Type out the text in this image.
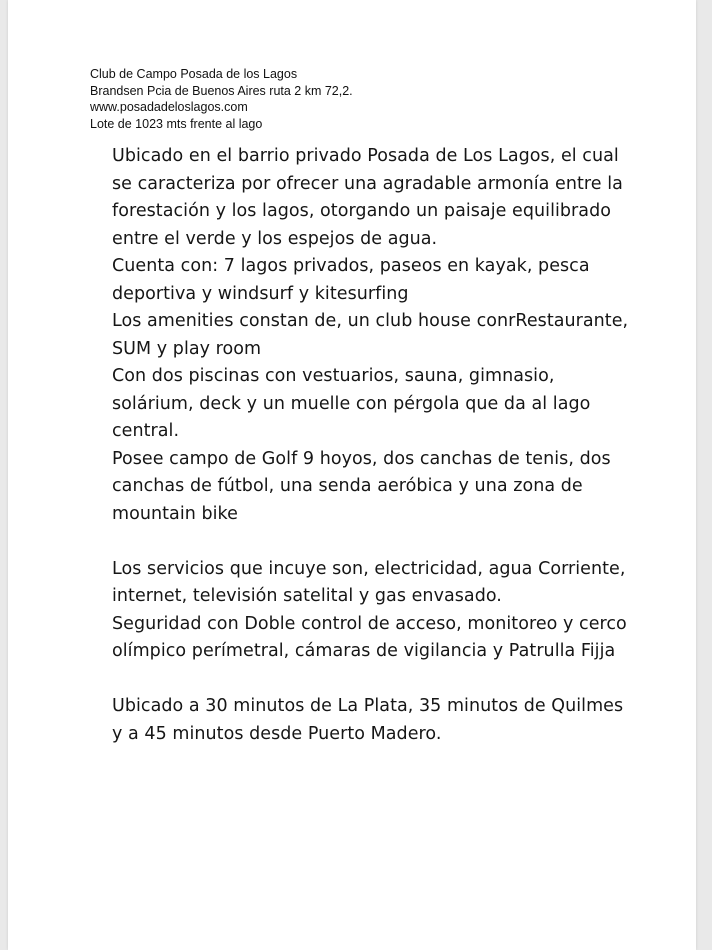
Club de Campo Posada de los Lagos
Brandsen Pcia de Buenos Aires ruta 2 km 72,2.
www.posadadeloslagos.com
Lote de 1023 mts frente al lago

Ubicado en el barrio privado Posada de Los Lagos, el cual se caracteriza por ofrecer una agradable armonía entre la forestación y los lagos, otorgando un paisaje equilibrado entre el verde y los espejos de agua.

Cuenta con: 7 lagos privados, paseos en kayak, pesca deportiva y windsurf y kitesurfing

Los amenities constan de, un club house conrRestaurante, SUM y play room

Con dos piscinas con vestuarios, sauna, gimnasio, solárium, deck y un muelle con pérgola que da al lago central.

Posee campo de Golf 9 hoyos, dos canchas de tenis, dos canchas de fútbol, una senda aeróbica y una zona de mountain bike

Los servicios que incuye son, electricidad, agua Corriente, internet, televisión satelital y gas envasado.

Seguridad con Doble control de acceso, monitoreo y cerco olímpico perímetral, cámaras de vigilancia y Patrulla Fijja

Ubicado a 30 minutos de La Plata, 35 minutos de Quilmes y a 45 minutos desde Puerto Madero.
